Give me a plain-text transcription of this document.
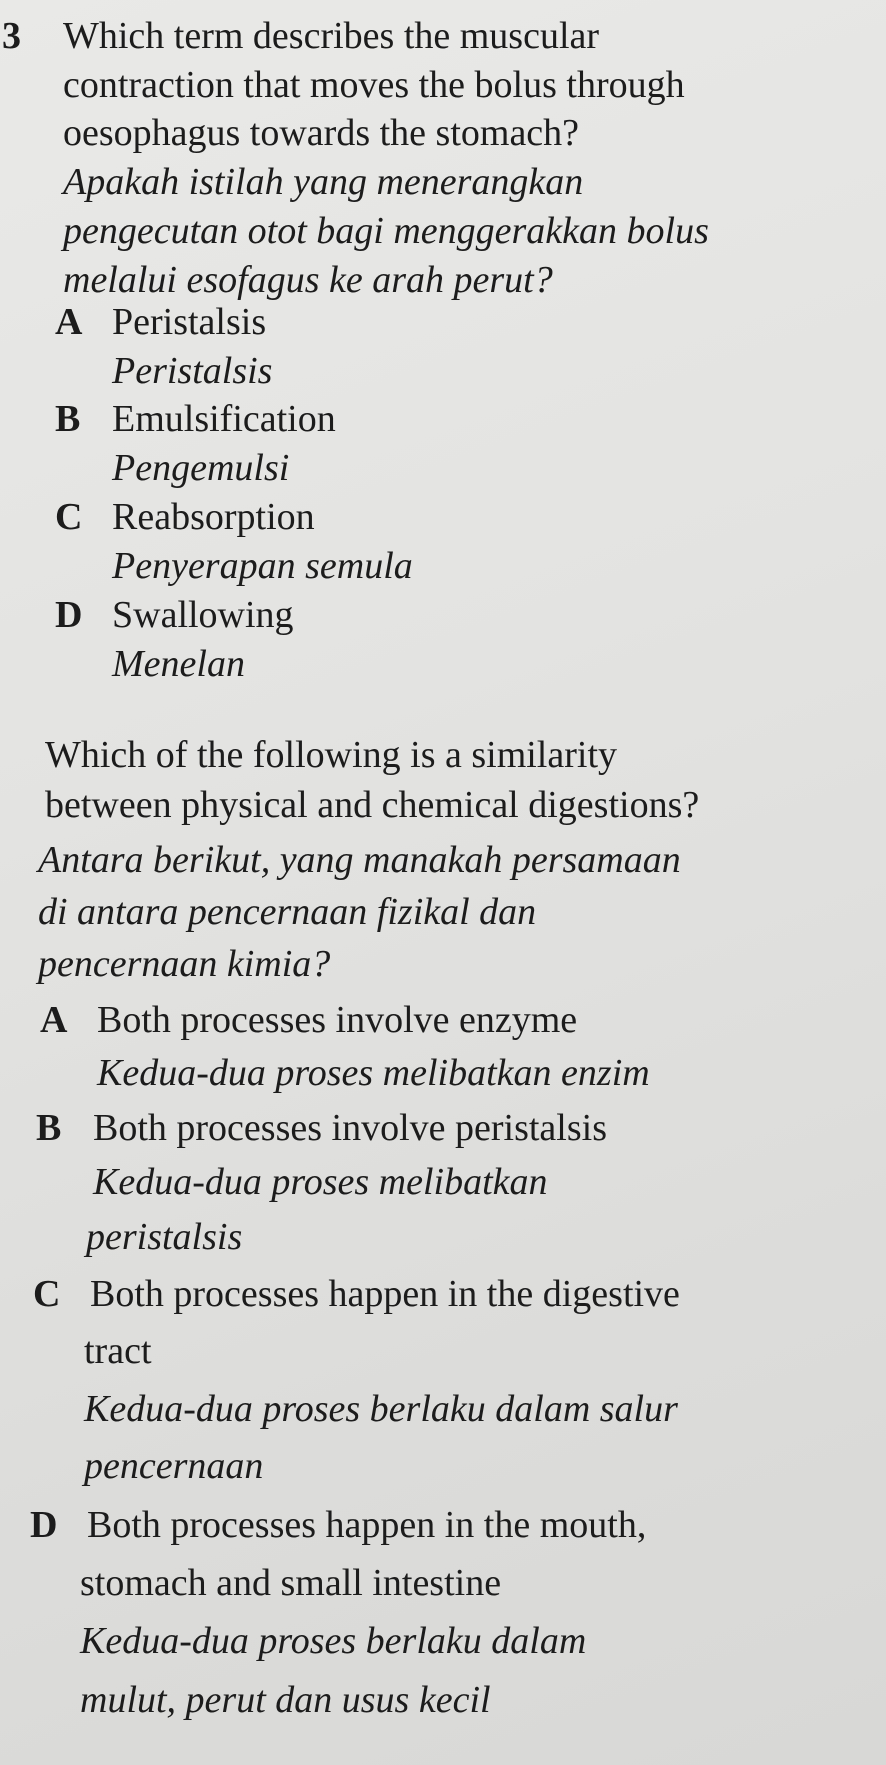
3 Which term describes the muscular
contraction that moves the bolus through
oesophagus towards the stomach?
Apakah istilah yang menerangkan
pengecutan otot bagi menggerakkan bolus
melalui esofagus ke arah perut?
A Peristalsis
Peristalsis
B Emulsification
Pengemulsi
C Reabsorption
Penyerapan semula
D Swallowing
Menelan
Which of the following is a similarity
between physical and chemical digestions?
Antara berikut, yang manakah persamaan
di antara pencernaan fizikal dan
pencernaan kimia?
A Both processes involve enzyme
Kedua-dua proses melibatkan enzim
B Both processes involve peristalsis
Kedua-dua proses melibatkan
peristalsis
C Both processes happen in the digestive
tract
Kedua-dua proses berlaku dalam salur
pencernaan
D Both processes happen in the mouth,
stomach and small intestine
Kedua-dua proses berlaku dalam
mulut, perut dan usus kecil
